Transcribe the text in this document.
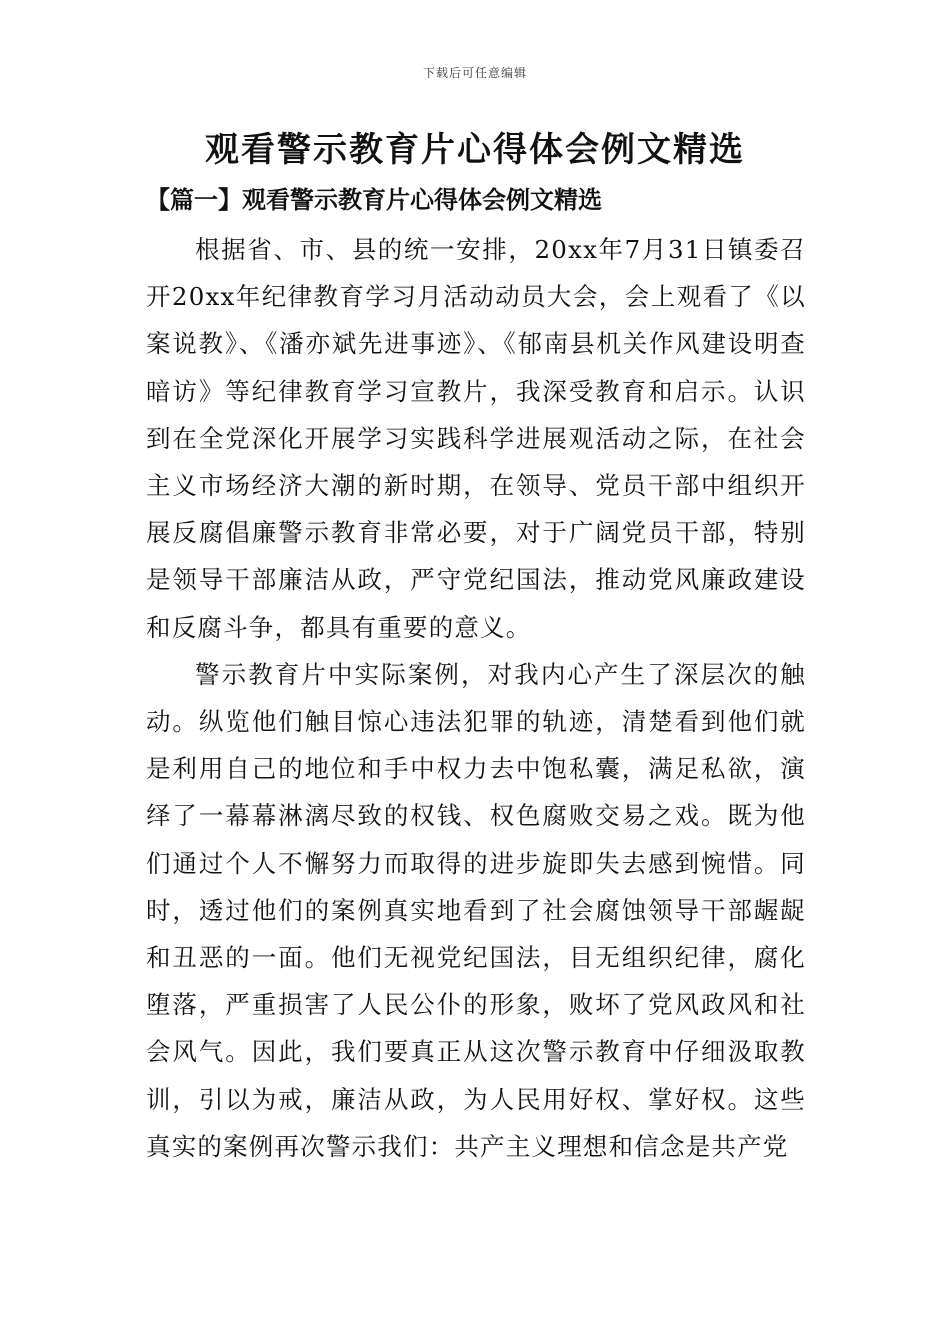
下载后可任意编辑
观看警示教育片心得体会例文精选
【篇一】观看警示教育片心得体会例文精选

根据省、市、县的统一安排，20xx年7月31日镇委召开20xx年纪律教育学习月活动动员大会，会上观看了《以案说教》、《潘亦斌先进事迹》、《郁南县机关作风建设明查暗访》等纪律教育学习宣教片，我深受教育和启示。认识到在全党深化开展学习实践科学进展观活动之际，在社会主义市场经济大潮的新时期，在领导、党员干部中组织开展反腐倡廉警示教育非常必要，对于广阔党员干部，特别是领导干部廉洁从政，严守党纪国法，推动党风廉政建设和反腐斗争，都具有重要的意义。

警示教育片中实际案例，对我内心产生了深层次的触动。纵览他们触目惊心违法犯罪的轨迹，清楚看到他们就是利用自己的地位和手中权力去中饱私囊，满足私欲，演绎了一幕幕淋漓尽致的权钱、权色腐败交易之戏。既为他们通过个人不懈努力而取得的进步旋即失去感到惋惜。同时，透过他们的案例真实地看到了社会腐蚀领导干部龌龊和丑恶的一面。他们无视党纪国法，目无组织纪律，腐化堕落，严重损害了人民公仆的形象，败坏了党风政风和社会风气。因此，我们要真正从这次警示教育中仔细汲取教训，引以为戒，廉洁从政，为人民用好权、掌好权。这些真实的案例再次警示我们：共产主义理想和信念是共产党
